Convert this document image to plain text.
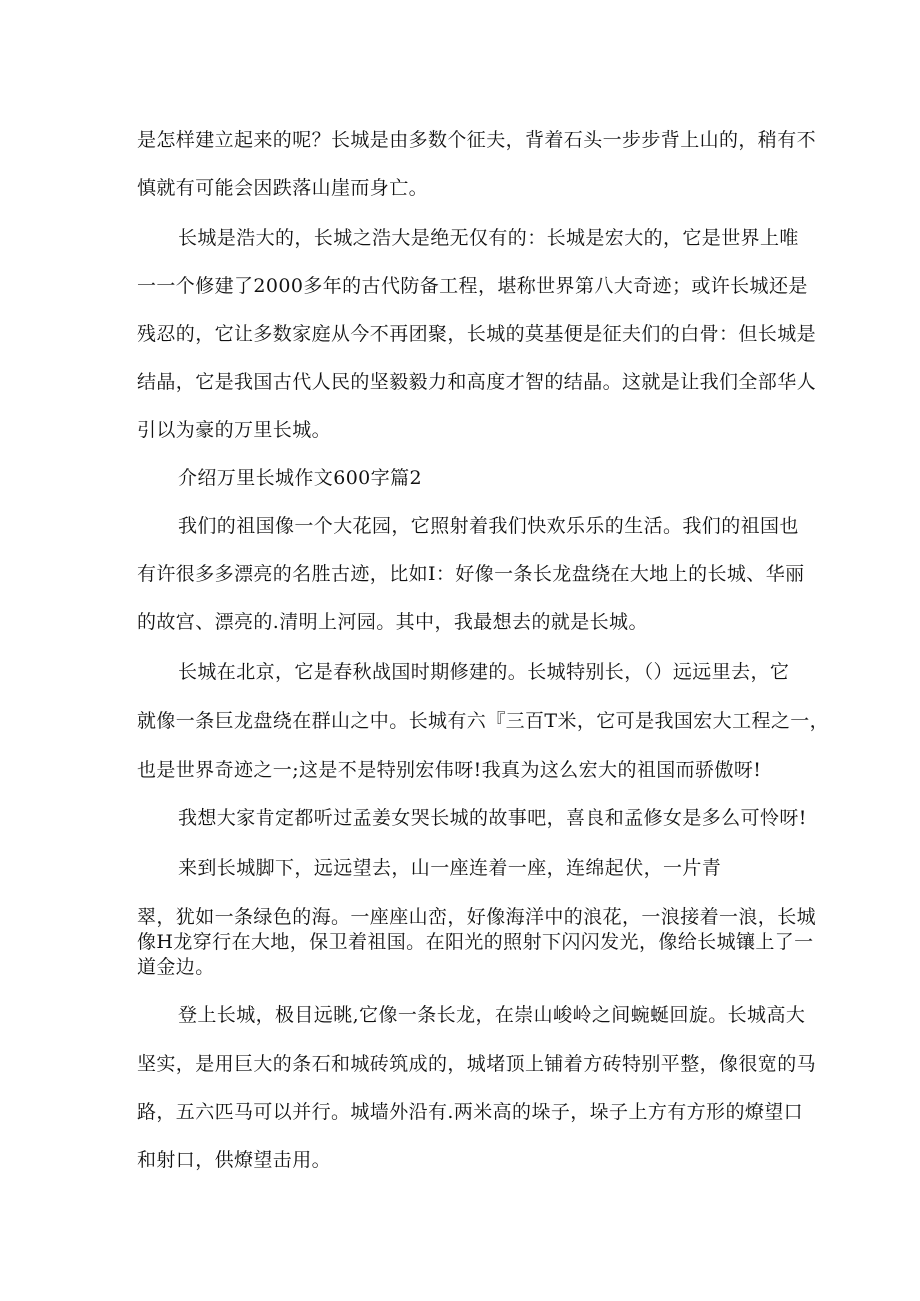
是怎样建立起来的呢？长城是由多数个征夫，背着石头一步步背上山的，稍有不
慎就有可能会因跌落山崖而身亡。
长城是浩大的，长城之浩大是绝无仅有的：长城是宏大的，它是世界上唯
一一个修建了2000多年的古代防备工程，堪称世界第八大奇迹；或许长城还是
残忍的，它让多数家庭从今不再团聚，长城的莫基便是征夫们的白骨：但长城是
结晶，它是我国古代人民的坚毅毅力和高度才智的结晶。这就是让我们全部华人
引以为豪的万里长城。
介绍万里长城作文600字篇2
我们的祖国像一个大花园，它照射着我们快欢乐乐的生活。我们的祖国也
有许很多多漂亮的名胜古迹，比如I：好像一条长龙盘绕在大地上的长城、华丽
的故宫、漂亮的.清明上河园。其中，我最想去的就是长城。
长城在北京，它是春秋战国时期修建的。长城特别长，（）远远里去，它
就像一条巨龙盘绕在群山之中。长城有六『三百T米，它可是我国宏大工程之一，
也是世界奇迹之一;这是不是特别宏伟呀!我真为这么宏大的祖国而骄傲呀!
我想大家肯定都听过孟姜女哭长城的故事吧，喜良和孟修女是多么可怜呀!
来到长城脚下，远远望去，山一座连着一座，连绵起伏，一片青
翠，犹如一条绿色的海。一座座山峦，好像海洋中的浪花，一浪接着一浪，长城
像H龙穿行在大地，保卫着祖国。在阳光的照射下闪闪发光，像给长城镶上了一
道金边。
登上长城，极目远眺,它像一条长龙，在崇山峻岭之间蜿蜒回旋。长城高大
坚实，是用巨大的条石和城砖筑成的，城堵顶上铺着方砖特别平整，像很宽的马
路，五六匹马可以并行。城墙外沿有.两米高的垛子，垛子上方有方形的燎望口
和射口，供燎望击用。
